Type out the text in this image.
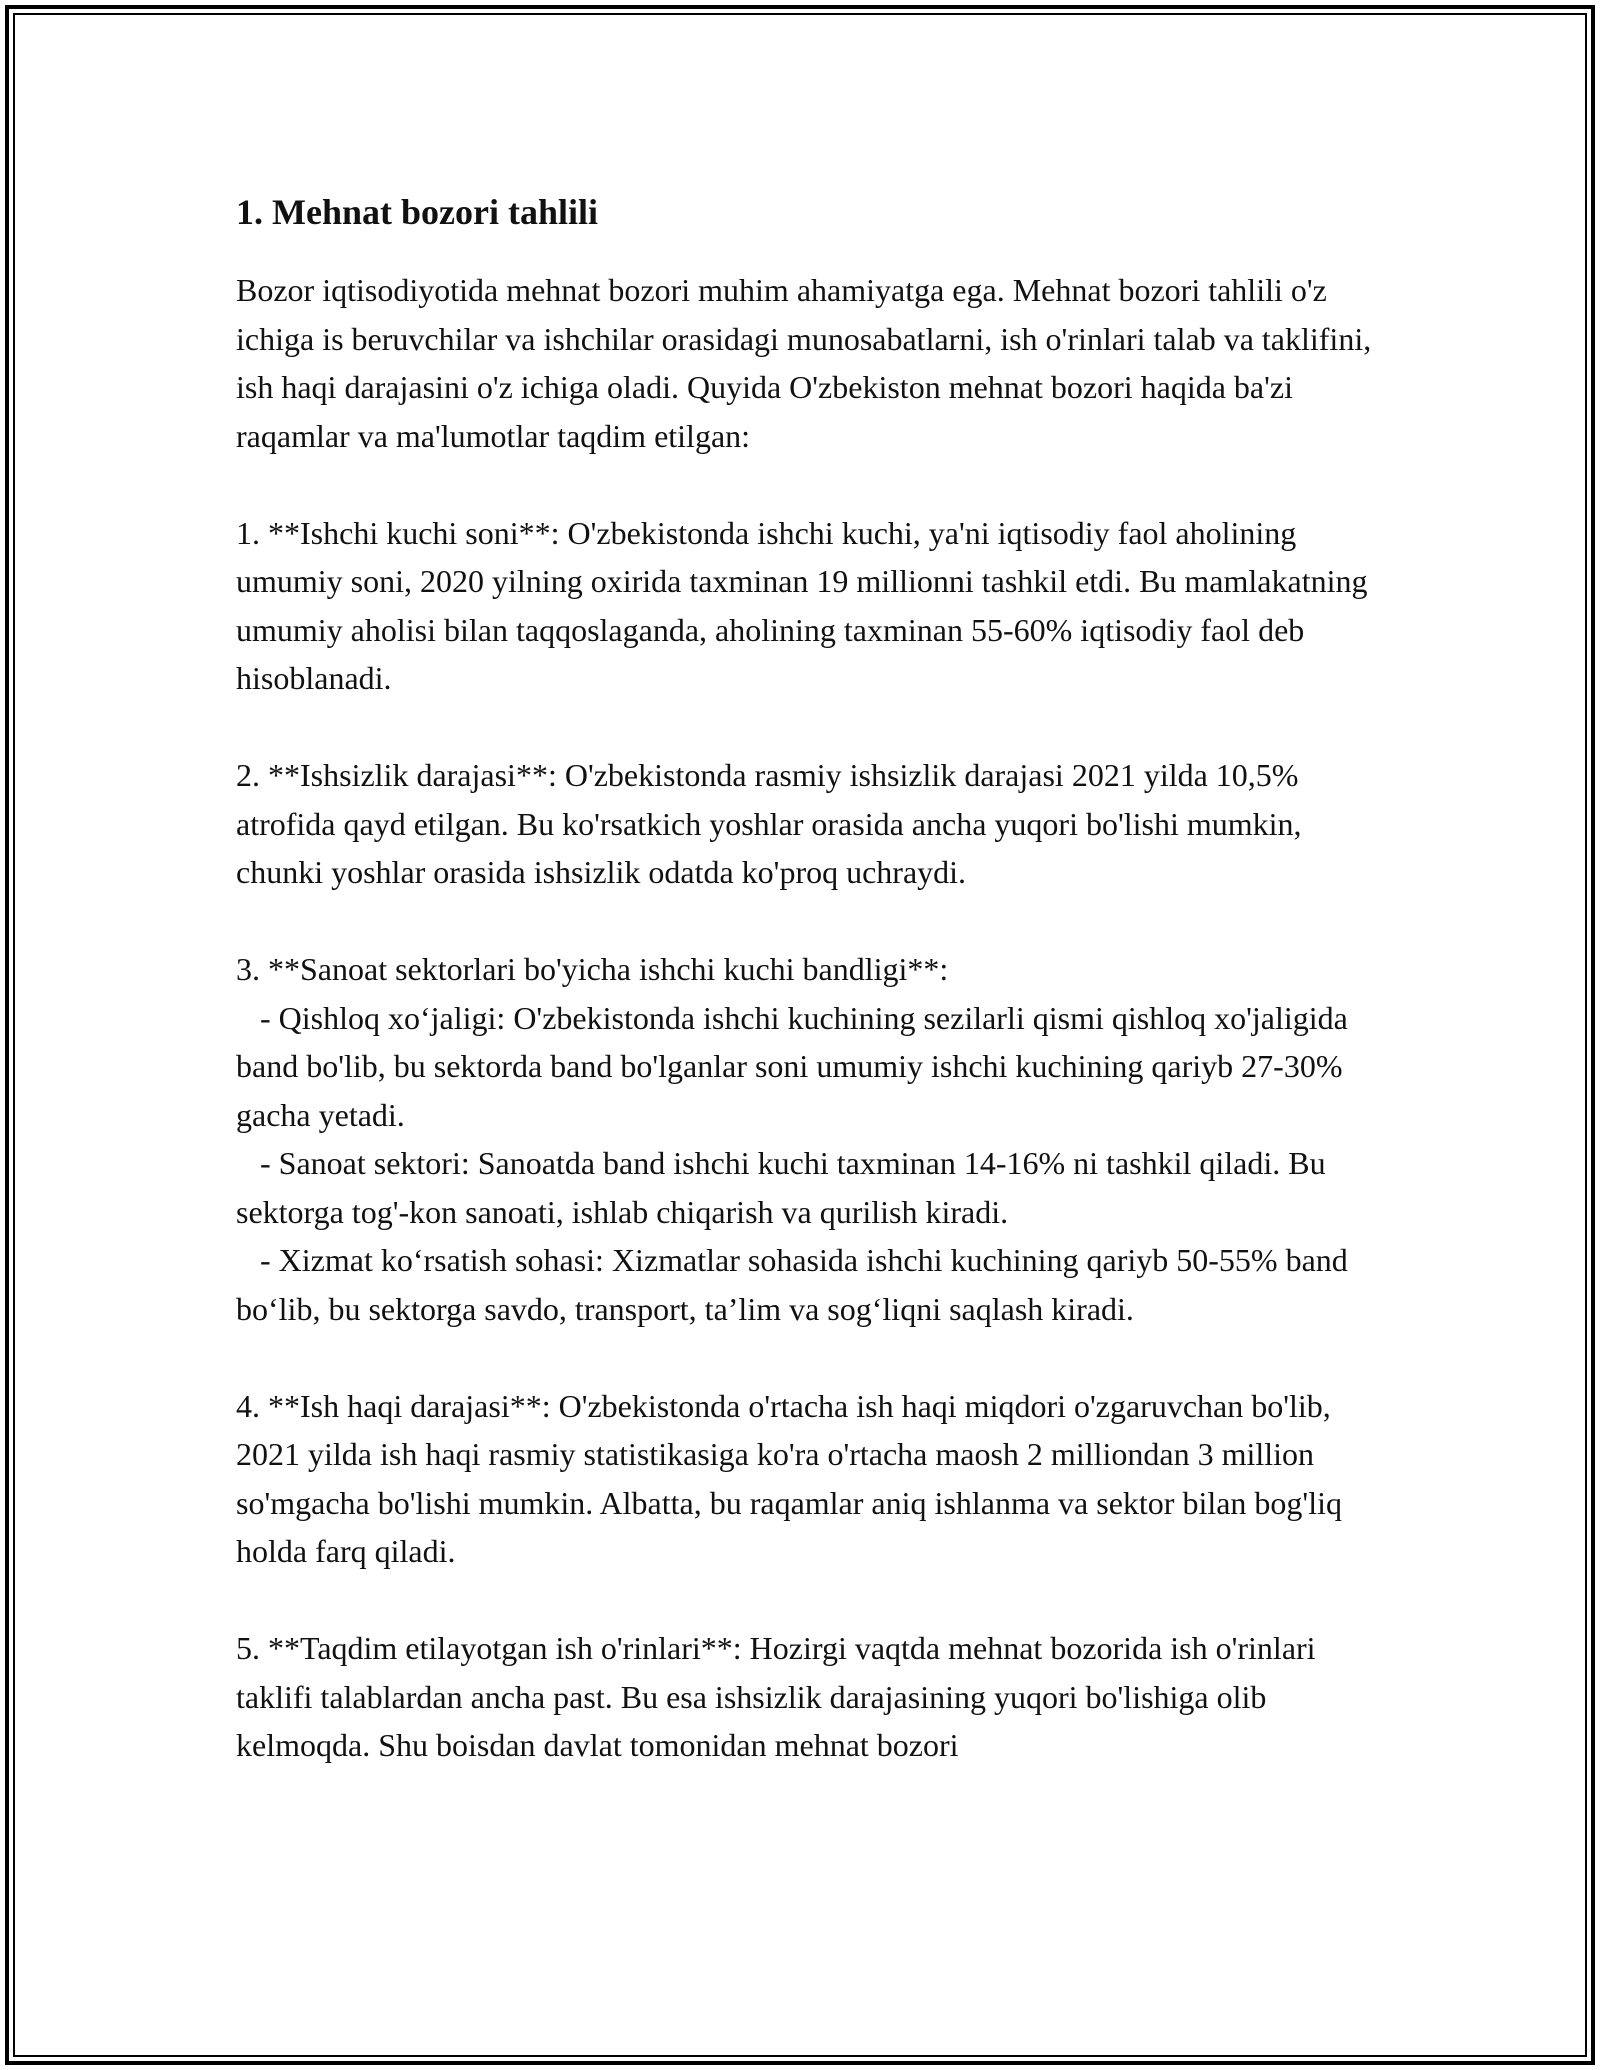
1. Mehnat bozori tahlili

Bozor iqtisodiyotida mehnat bozori muhim ahamiyatga ega. Mehnat bozori tahlili o'z ichiga is beruvchilar va ishchilar orasidagi munosabatlarni, ish o'rinlari talab va taklifini, ish haqi darajasini o'z ichiga oladi. Quyida O'zbekiston mehnat bozori haqida ba'zi raqamlar va ma'lumotlar taqdim etilgan:

1. **Ishchi kuchi soni**: O'zbekistonda ishchi kuchi, ya'ni iqtisodiy faol aholining umumiy soni, 2020 yilning oxirida taxminan 19 millionni tashkil etdi. Bu mamlakatning umumiy aholisi bilan taqqoslaganda, aholining taxminan 55-60% iqtisodiy faol deb hisoblanadi.

2. **Ishsizlik darajasi**: O'zbekistonda rasmiy ishsizlik darajasi 2021 yilda 10,5% atrofida qayd etilgan. Bu ko'rsatkich yoshlar orasida ancha yuqori bo'lishi mumkin, chunki yoshlar orasida ishsizlik odatda ko'proq uchraydi.

3. **Sanoat sektorlari bo'yicha ishchi kuchi bandligi**:

- Qishloq xo‘jaligi: O'zbekistonda ishchi kuchining sezilarli qismi qishloq xo'jaligida band bo'lib, bu sektorda band bo'lganlar soni umumiy ishchi kuchining qariyb 27-30% gacha yetadi.

- Sanoat sektori: Sanoatda band ishchi kuchi taxminan 14-16% ni tashkil qiladi. Bu sektorga tog'-kon sanoati, ishlab chiqarish va qurilish kiradi.

- Xizmat ko‘rsatish sohasi: Xizmatlar sohasida ishchi kuchining qariyb 50-55% band bo‘lib, bu sektorga savdo, transport, ta’lim va sog‘liqni saqlash kiradi.

4. **Ish haqi darajasi**: O'zbekistonda o'rtacha ish haqi miqdori o'zgaruvchan bo'lib, 2021 yilda ish haqi rasmiy statistikasiga ko'ra o'rtacha maosh 2 milliondan 3 million so'mgacha bo'lishi mumkin. Albatta, bu raqamlar aniq ishlanma va sektor bilan bog'liq holda farq qiladi.

5. **Taqdim etilayotgan ish o'rinlari**: Hozirgi vaqtda mehnat bozorida ish o'rinlari taklifi talablardan ancha past. Bu esa ishsizlik darajasining yuqori bo'lishiga olib kelmoqda. Shu boisdan davlat tomonidan mehnat bozori
